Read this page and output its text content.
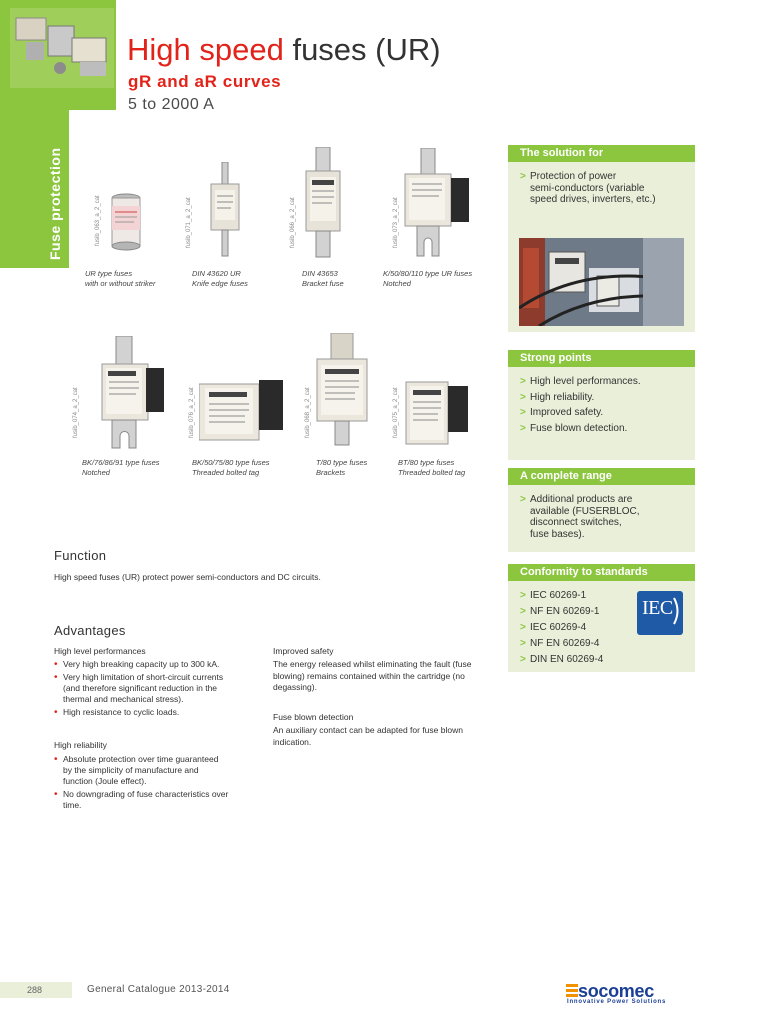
Fuse protection
High speed fuses (UR)
gR and aR curves
5 to 2000 A
fusib_063_a_2_cat
UR type fuses
with or without striker
fusib_071_a_2_cat
DIN 43620 UR
Knife edge fuses
fusib_066_a_2_cat
DIN 43653
Bracket fuse
fusib_073_a_2_cat
K/50/80/110 type UR fuses
Notched
fusib_074_a_2_cat
BK/76/86/91 type fuses
Notched
fusib_076_a_2_cat
BK/50/75/80 type fuses
Threaded bolted tag
fusib_068_a_2_cat
T/80 type fuses
Brackets
fusib_075_a_2_cat
BT/80 type fuses
Threaded bolted tag
The solution for
> Protection of power
semi-conductors (variable
speed drives, inverters, etc.)
Strong points
> High level performances.
> High reliability.
> Improved safety.
> Fuse blown detection.
A complete range
> Additional products are
available (FUSERBLOC,
disconnect switches,
fuse bases).
Conformity to standards
> IEC 60269-1
> NF EN 60269-1
> IEC 60269-4
> NF EN 60269-4
> DIN EN 60269-4
IEC
Function
High speed fuses (UR) protect power semi-conductors and DC circuits.
Advantages
High level performances
• Very high breaking capacity up to 300 kA.
• Very high limitation of short-circuit currents
(and therefore significant reduction in the
thermal and mechanical stress).
• High resistance to cyclic loads.
High reliability
• Absolute protection over time guaranteed
by the simplicity of manufacture and
function (Joule effect).
• No downgrading of fuse characteristics over
time.
Improved safety
The energy released whilst eliminating the fault (fuse blowing) remains contained within the cartridge (no degassing).
Fuse blown detection
An auxiliary contact can be adapted for fuse blown indication.
288	General Catalogue 2013-2014	socomec
Innovative Power Solutions
